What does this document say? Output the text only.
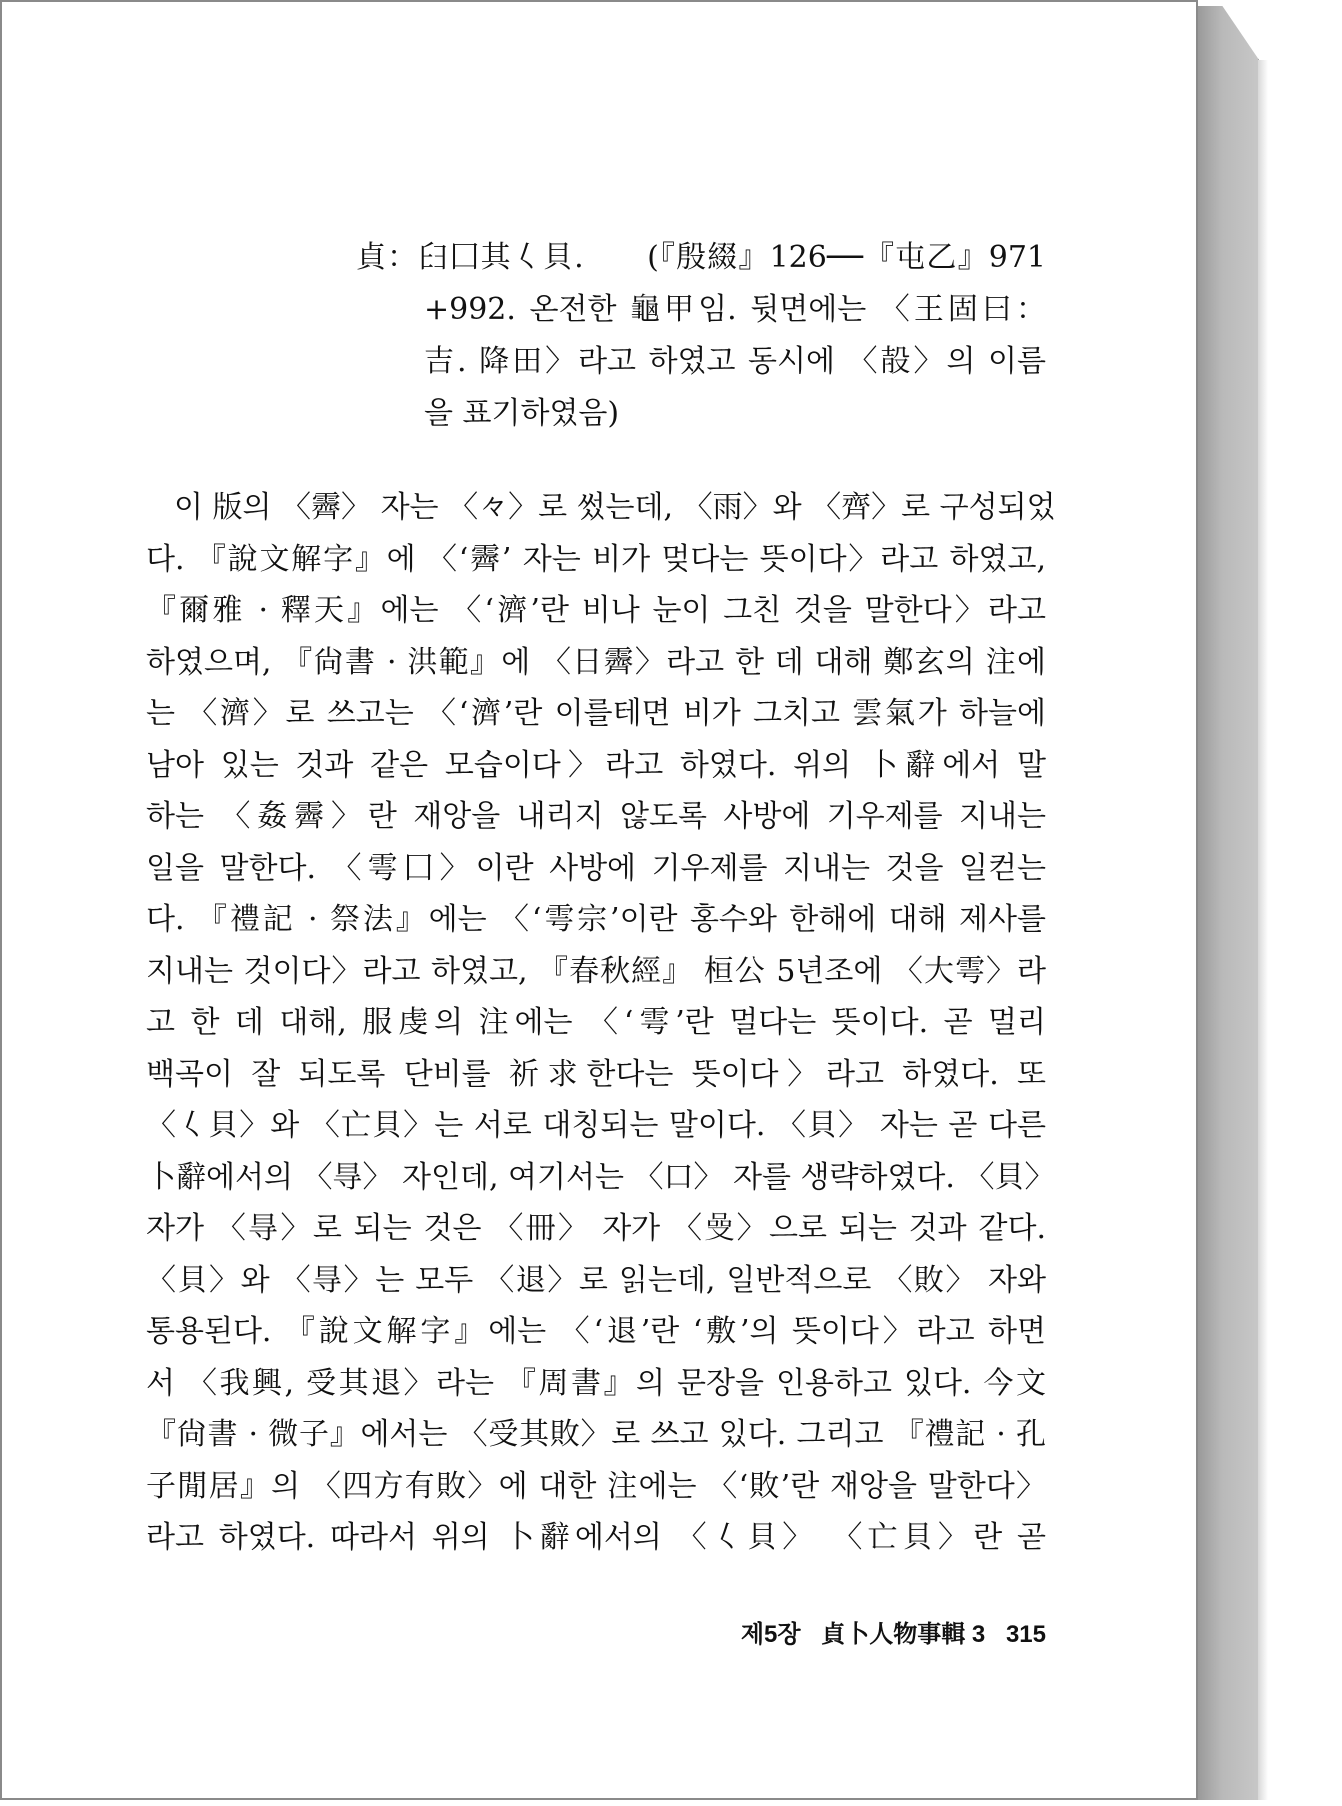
貞：𦥑囗其𡿨貝.　　(『殷綴』126──『屯乙』971
+992. 온전한 龜甲임. 뒷면에는 〈王固曰：
吉. 降田〉라고 하였고 동시에 〈㱿〉의 이름
을 표기하였음)
이 版의 〈霽〉 자는 〈𠚤〉로 썼는데, 〈雨〉와 〈齊〉로 구성되었
다. 『說文解字』에 〈‘霽’ 자는 비가 멎다는 뜻이다〉라고 하였고,
『爾雅 · 釋天』에는 〈‘濟’란 비나 눈이 그친 것을 말한다〉라고
하였으며, 『尙書 · 洪範』에 〈日霽〉라고 한 데 대해 鄭玄의 注에
는 〈濟〉로 쓰고는 〈‘濟’란 이를테면 비가 그치고 雲氣가 하늘에
남아 있는 것과 같은 모습이다〉라고 하였다. 위의 卜辭에서 말
하는 〈姦霽〉란 재앙을 내리지 않도록 사방에 기우제를 지내는
일을 말한다. 〈雩囗〉이란 사방에 기우제를 지내는 것을 일컫는
다. 『禮記 · 祭法』에는 〈‘雩宗’이란 홍수와 한해에 대해 제사를
지내는 것이다〉라고 하였고, 『春秋經』 桓公 5년조에 〈大雩〉라
고 한 데 대해, 服虔의 注에는 〈‘雩’란 멀다는 뜻이다. 곧 멀리
백곡이 잘 되도록 단비를 祈求한다는 뜻이다〉라고 하였다. 또
〈𡿨貝〉와 〈亡貝〉는 서로 대칭되는 말이다. 〈貝〉 자는 곧 다른
卜辭에서의 〈㝵〉 자인데, 여기서는 〈口〉 자를 생략하였다. 〈貝〉
자가 〈㝵〉로 되는 것은 〈冊〉 자가 〈𠵬〉으로 되는 것과 같다.
〈貝〉와 〈㝵〉는 모두 〈退〉로 읽는데, 일반적으로 〈敗〉 자와
통용된다. 『說文解字』에는 〈‘退’란 ‘敷’의 뜻이다〉라고 하면
서 〈我興, 受其退〉라는 『周書』의 문장을 인용하고 있다. 今文
『尙書 · 微子』에서는 〈受其敗〉로 쓰고 있다. 그리고 『禮記 · 孔
子閒居』의 〈四方有敗〉에 대한 注에는 〈‘敗’란 재앙을 말한다〉
라고 하였다. 따라서 위의 卜辭에서의 〈𡿨貝〉 〈亡貝〉란 곧
제5장 貞卜人物事輯 3 315
